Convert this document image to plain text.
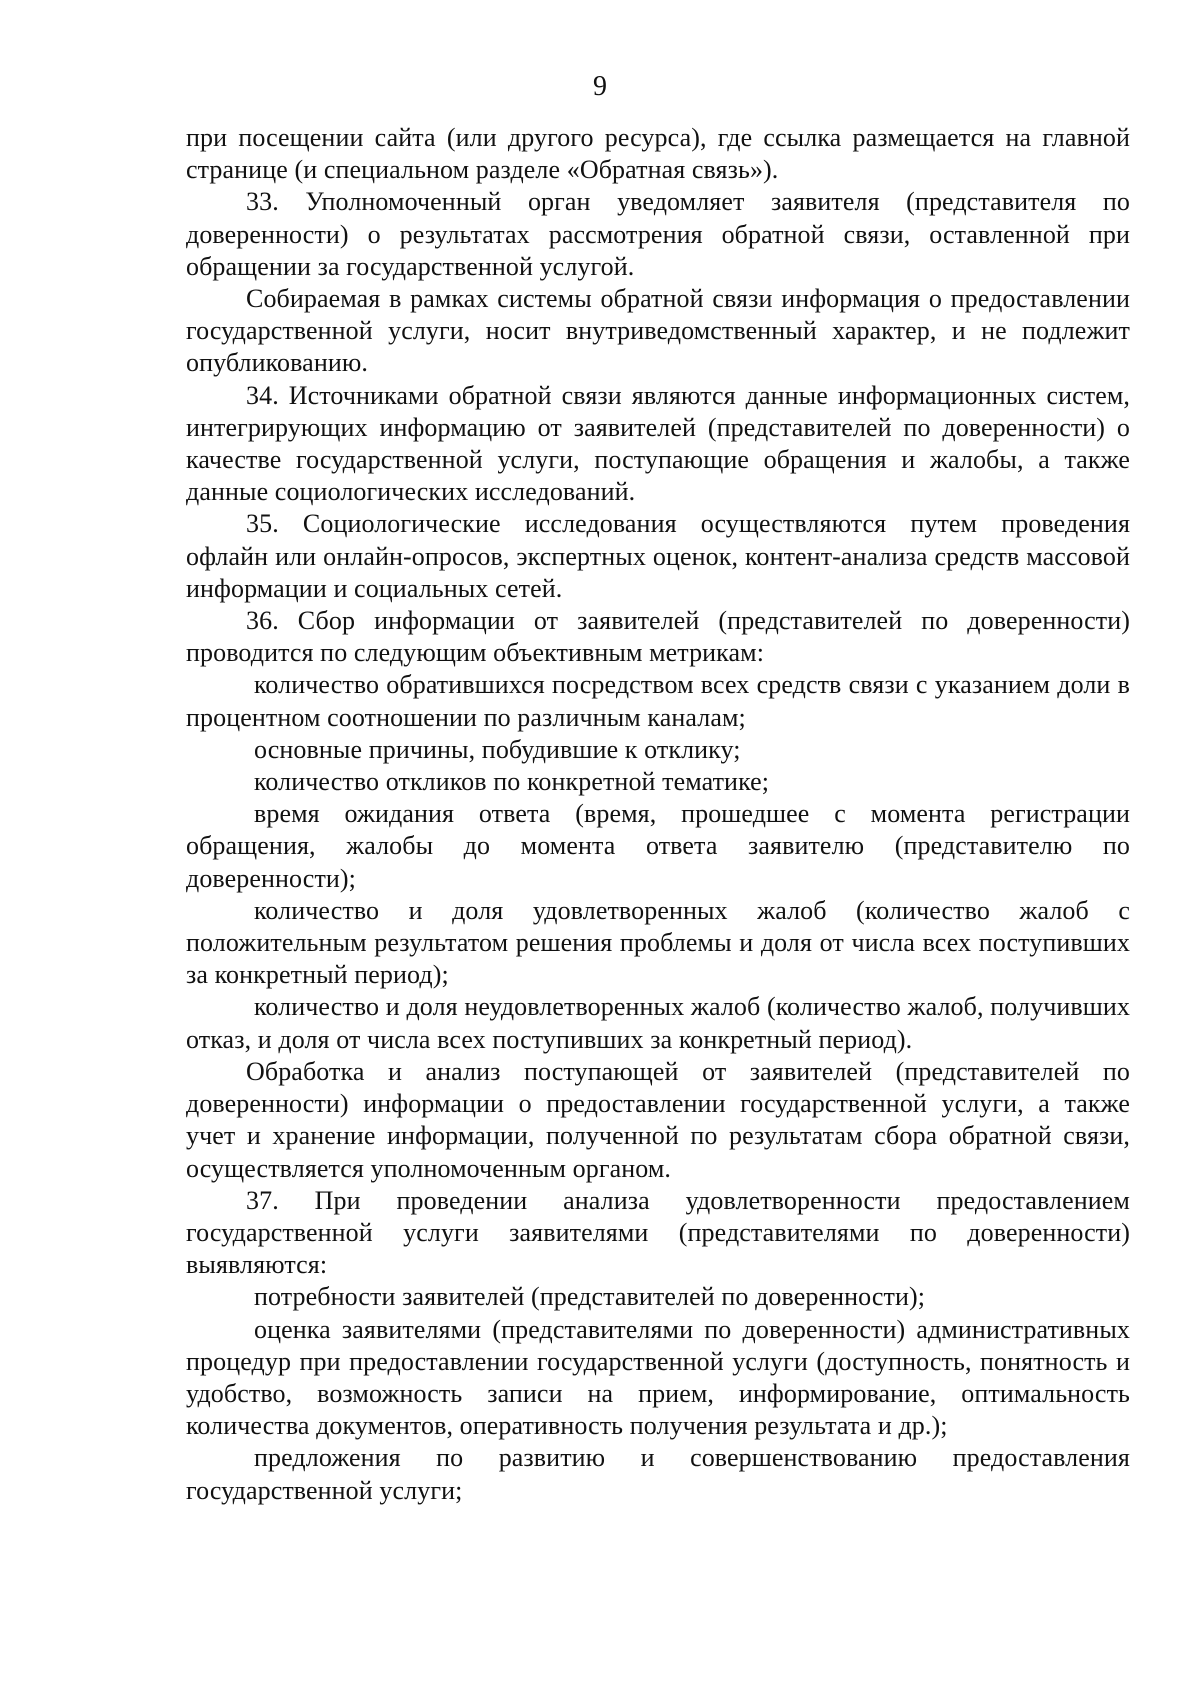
9

при посещении сайта (или другого ресурса), где ссылка размещается на главной странице (и специальном разделе «Обратная связь»).

33. Уполномоченный орган уведомляет заявителя (представителя по доверенности) о результатах рассмотрения обратной связи, оставленной при обращении за государственной услугой.

Собираемая в рамках системы обратной связи информация о предоставлении государственной услуги, носит внутриведомственный характер, и не подлежит опубликованию.

34. Источниками обратной связи являются данные информационных систем, интегрирующих информацию от заявителей (представителей по доверенности) о качестве государственной услуги, поступающие обращения и жалобы, а также данные социологических исследований.

35. Социологические исследования осуществляются путем проведения офлайн или онлайн-опросов, экспертных оценок, контент-анализа средств массовой информации и социальных сетей.

36. Сбор информации от заявителей (представителей по доверенности) проводится по следующим объективным метрикам:

количество обратившихся посредством всех средств связи с указанием доли в процентном соотношении по различным каналам;

основные причины, побудившие к отклику;

количество откликов по конкретной тематике;

время ожидания ответа (время, прошедшее с момента регистрации обращения, жалобы до момента ответа заявителю (представителю по доверенности);

количество и доля удовлетворенных жалоб (количество жалоб с положительным результатом решения проблемы и доля от числа всех поступивших за конкретный период);

количество и доля неудовлетворенных жалоб (количество жалоб, получивших отказ, и доля от числа всех поступивших за конкретный период).

Обработка и анализ поступающей от заявителей (представителей по доверенности) информации о предоставлении государственной услуги, а также учет и хранение информации, полученной по результатам сбора обратной связи, осуществляется уполномоченным органом.

37. При проведении анализа удовлетворенности предоставлением государственной услуги заявителями (представителями по доверенности) выявляются:

потребности заявителей (представителей по доверенности);

оценка заявителями (представителями по доверенности) административных процедур при предоставлении государственной услуги (доступность, понятность и удобство, возможность записи на прием, информирование, оптимальность количества документов, оперативность получения результата и др.);

предложения по развитию и совершенствованию предоставления государственной услуги;
